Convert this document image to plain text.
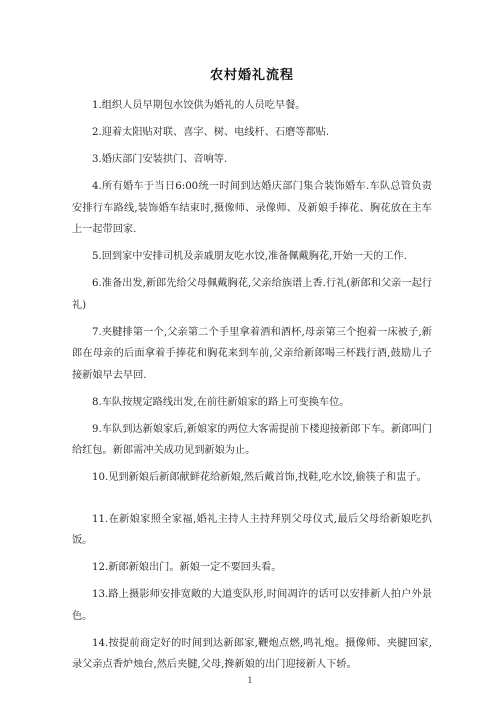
农村婚礼流程

1.组织人员早期包水饺供为婚礼的人员吃早餐。

2.迎着太阳贴对联、喜字、树、电线杆、石磨等都贴.

3.婚庆部门安装拱门、音响等.

4.所有婚车于当日6:00统一时间到达婚庆部门集合装饰婚车.车队总管负责安排行车路线,装饰婚车结束时,摄像师、录像师、及新娘手捧花、胸花放在主车上一起带回家.

5.回到家中安排司机及亲戚朋友吃水饺,准备佩戴胸花,开始一天的工作.

6.准备出发,新郎先给父母佩戴胸花,父亲给族谱上香.行礼(新郎和父亲一起行礼)

7.夹腱排第一个,父亲第二个手里拿着酒和酒杯,母亲第三个抱着一床被子,新郎在母亲的后面拿着手捧花和胸花来到车前,父亲给新郎喝三杯践行酒,鼓励儿子接新娘早去早回.

8.车队按规定路线出发,在前往新娘家的路上可变换车位。

9.车队到达新娘家后,新娘家的两位大客需提前下楼迎接新郎下车。新郎叫门给红包。新郎需冲关成功见到新娘为止。

10.见到新娘后新郎献鲜花给新娘,然后戴首饰,找鞋,吃水饺,偷筷子和盅子。

11.在新娘家照全家福,婚礼主持人主持拜别父母仪式,最后父母给新娘吃扒饭。

12.新郎新娘出门。新娘一定不要回头看。

13.路上摄影师安排宽敞的大道变队形,时间凋许的话可以安排新人拍户外景色。

14.按提前商定好的时间到达新郎家,鞭炮点燃,鸣礼炮。摄像师、夹腱回家,录父亲点香炉烛台,然后夹腱,父母,搀新娘的出门迎接新人下轿。

1
